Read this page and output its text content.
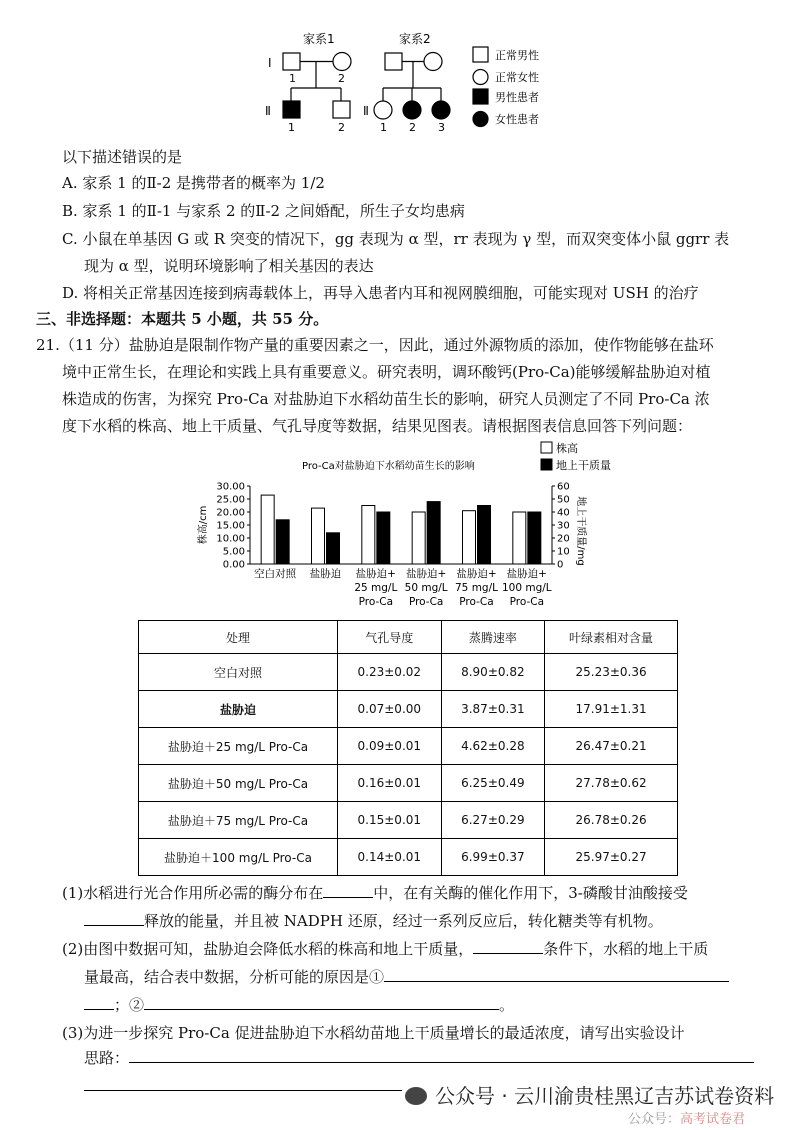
家系1	家系2
I
Ⅱ	Ⅱ
2
1	2	1 2 3
正常男性
正常女性
男性患者
女性患者
1
以下描述错误的是
A. 家系 1 的Ⅱ-2 是携带者的概率为 1/2
B. 家系 1 的Ⅱ-1 与家系 2 的Ⅱ-2 之间婚配，所生子女均患病
C. 小鼠在单基因 G 或 R 突变的情况下，gg 表现为 α 型，rr 表现为 γ 型，而双突变体小鼠 ggrr 表
现为 α 型，说明环境影响了相关基因的表达
D. 将相关正常基因连接到病毒载体上，再导入患者内耳和视网膜细胞，可能实现对 USH 的治疗
三、非选择题：本题共 5 小题，共 55 分。
21.（11 分）盐胁迫是限制作物产量的重要因素之一，因此，通过外源物质的添加，使作物能够在盐环
境中正常生长，在理论和实践上具有重要意义。研究表明，调环酸钙(Pro-Ca)能够缓解盐胁迫对植
株造成的伤害，为探究 Pro-Ca 对盐胁迫下水稻幼苗生长的影响，研究人员测定了不同 Pro-Ca 浓
度下水稻的株高、地上干质量、气孔导度等数据，结果见图表。请根据图表信息回答下列问题：
Pro-Ca对盐胁迫下水稻幼苗生长的影响
株高
地上干质量
30.00
25.00
20.00
15.00
10.00
5.00
0.00
60
50
40
30
20
10
0
株高/cm	地上干质量/mg
空白对照 盐胁迫 盐胁迫+
25 mg/L
Pro-Ca
盐胁迫+
50 mg/L
Pro-Ca
盐胁迫+
75 mg/L
Pro-Ca
盐胁迫+
100 mg/L
Pro-Ca
处理	气孔导度	蒸腾速率	叶绿素相对含量
空白对照	0.23±0.02	8.90±0.82	25.23±0.36
盐胁迫	0.07±0.00	3.87±0.31	17.91±1.31
盐胁迫＋25 mg/L Pro-Ca	0.09±0.01	4.62±0.28	26.47±0.21
盐胁迫＋50 mg/L Pro-Ca	0.16±0.01	6.25±0.49	27.78±0.62
盐胁迫＋75 mg/L Pro-Ca	0.15±0.01	6.27±0.29	26.78±0.26
盐胁迫＋100 mg/L Pro-Ca	0.14±0.01	6.99±0.37	25.97±0.27
(1)水稻进行光合作用所必需的酶分布在	中，在有关酶的催化作用下，3-磷酸甘油酸接受
释放的能量，并且被 NADPH 还原，经过一系列反应后，转化糖类等有机物。
(2)由图中数据可知，盐胁迫会降低水稻的株高和地上干质量，	条件下，水稻的地上干质
量最高，结合表中数据，分析可能的原因是①
；②	。
(3)为进一步探究 Pro-Ca 促进盐胁迫下水稻幼苗地上干质量增长的最适浓度，请写出实验设计
思路：
公众号 · 云川渝贵桂黑辽吉苏试卷资料
公众号：高考试卷君
